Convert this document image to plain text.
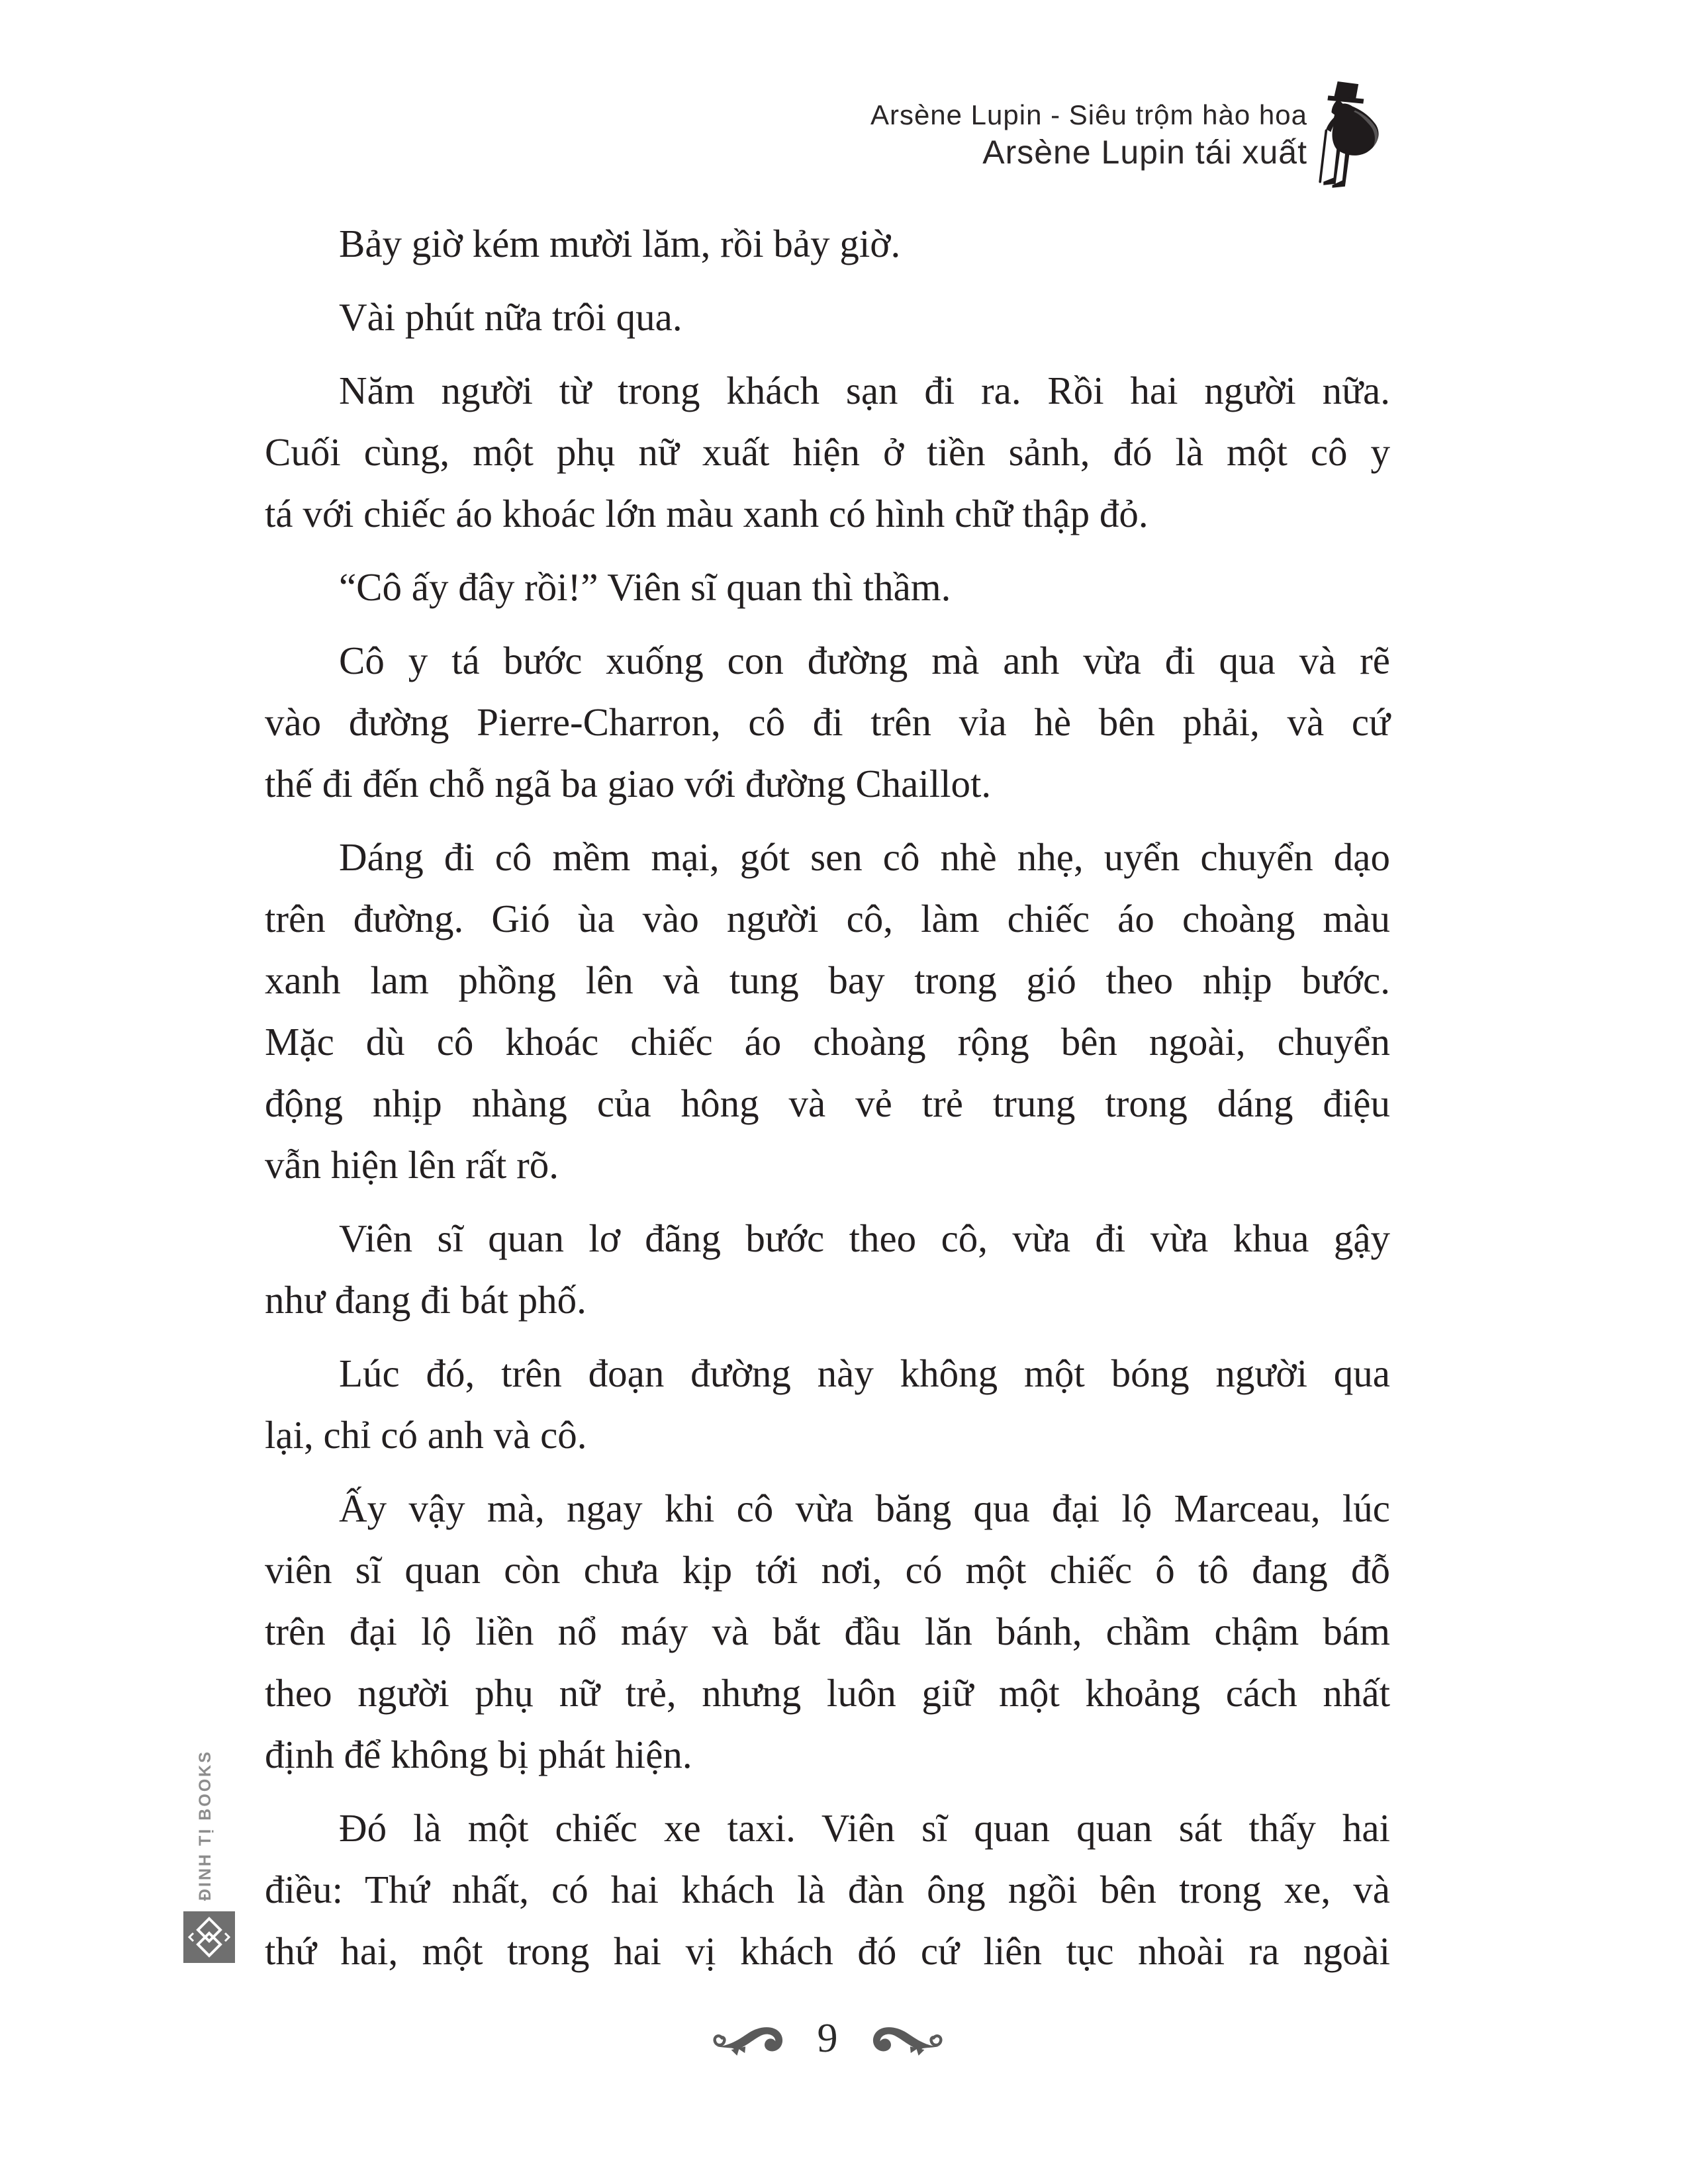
Arsène Lupin - Siêu trộm hào hoa
Arsène Lupin tái xuất
Bảy giờ kém mười lăm, rồi bảy giờ.
Vài phút nữa trôi qua.
Năm người từ trong khách sạn đi ra. Rồi hai người nữa.
Cuối cùng, một phụ nữ xuất hiện ở tiền sảnh, đó là một cô y
tá với chiếc áo khoác lớn màu xanh có hình chữ thập đỏ.
“Cô ấy đây rồi!” Viên sĩ quan thì thầm.
Cô y tá bước xuống con đường mà anh vừa đi qua và rẽ
vào đường Pierre-Charron, cô đi trên vỉa hè bên phải, và cứ
thế đi đến chỗ ngã ba giao với đường Chaillot.
Dáng đi cô mềm mại, gót sen cô nhè nhẹ, uyển chuyển dạo
trên đường. Gió ùa vào người cô, làm chiếc áo choàng màu
xanh lam phồng lên và tung bay trong gió theo nhịp bước.
Mặc dù cô khoác chiếc áo choàng rộng bên ngoài, chuyển
động nhịp nhàng của hông và vẻ trẻ trung trong dáng điệu
vẫn hiện lên rất rõ.
Viên sĩ quan lơ đãng bước theo cô, vừa đi vừa khua gậy
như đang đi bát phố.
Lúc đó, trên đoạn đường này không một bóng người qua
lại, chỉ có anh và cô.
Ấy vậy mà, ngay khi cô vừa băng qua đại lộ Marceau, lúc
viên sĩ quan còn chưa kịp tới nơi, có một chiếc ô tô đang đỗ
trên đại lộ liền nổ máy và bắt đầu lăn bánh, chầm chậm bám
theo người phụ nữ trẻ, nhưng luôn giữ một khoảng cách nhất
định để không bị phát hiện.
Đó là một chiếc xe taxi. Viên sĩ quan quan sát thấy hai
điều: Thứ nhất, có hai khách là đàn ông ngồi bên trong xe, và
thứ hai, một trong hai vị khách đó cứ liên tục nhoài ra ngoài
ĐINH TỊ BOOKS
9
